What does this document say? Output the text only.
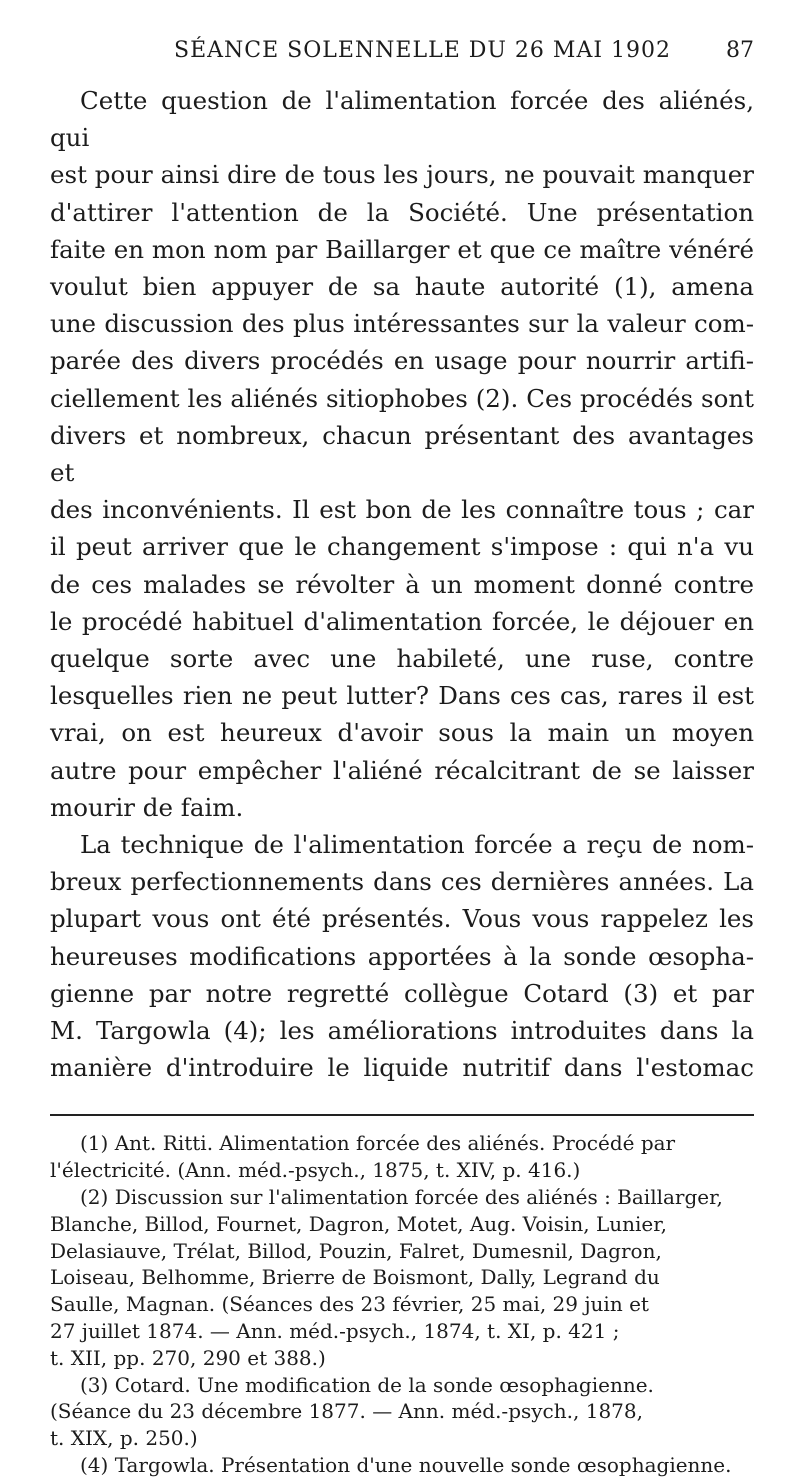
SÉANCE SOLENNELLE DU 26 MAI 1902 87

Cette question de l'alimentation forcée des aliénés, qui
est pour ainsi dire de tous les jours, ne pouvait manquer
d'attirer l'attention de la Société. Une présentation
faite en mon nom par Baillarger et que ce maître vénéré
voulut bien appuyer de sa haute autorité (1), amena
une discussion des plus intéressantes sur la valeur com-
parée des divers procédés en usage pour nourrir artifi-
ciellement les aliénés sitiophobes (2). Ces procédés sont
divers et nombreux, chacun présentant des avantages et
des inconvénients. Il est bon de les connaître tous ; car
il peut arriver que le changement s'impose : qui n'a vu
de ces malades se révolter à un moment donné contre
le procédé habituel d'alimentation forcée, le déjouer en
quelque sorte avec une habileté, une ruse, contre
lesquelles rien ne peut lutter? Dans ces cas, rares il est
vrai, on est heureux d'avoir sous la main un moyen
autre pour empêcher l'aliéné récalcitrant de se laisser
mourir de faim.

La technique de l'alimentation forcée a reçu de nom-
breux perfectionnements dans ces dernières années. La
plupart vous ont été présentés. Vous vous rappelez les
heureuses modifications apportées à la sonde œsopha-
gienne par notre regretté collègue Cotard (3) et par
M. Targowla (4); les améliorations introduites dans la
manière d'introduire le liquide nutritif dans l'estomac

(1) Ant. Ritti. Alimentation forcée des aliénés. Procédé par
l'électricité. (Ann. méd.-psych., 1875, t. XIV, p. 416.)

(2) Discussion sur l'alimentation forcée des aliénés : Baillarger,
Blanche, Billod, Fournet, Dagron, Motet, Aug. Voisin, Lunier,
Delasiauve, Trélat, Billod, Pouzin, Falret, Dumesnil, Dagron,
Loiseau, Belhomme, Brierre de Boismont, Dally, Legrand du
Saulle, Magnan. (Séances des 23 février, 25 mai, 29 juin et
27 juillet 1874. — Ann. méd.-psych., 1874, t. XI, p. 421 ;
t. XII, pp. 270, 290 et 388.)

(3) Cotard. Une modification de la sonde œsophagienne.
(Séance du 23 décembre 1877. — Ann. méd.-psych., 1878,
t. XIX, p. 250.)

(4) Targowla. Présentation d'une nouvelle sonde œsophagienne.
